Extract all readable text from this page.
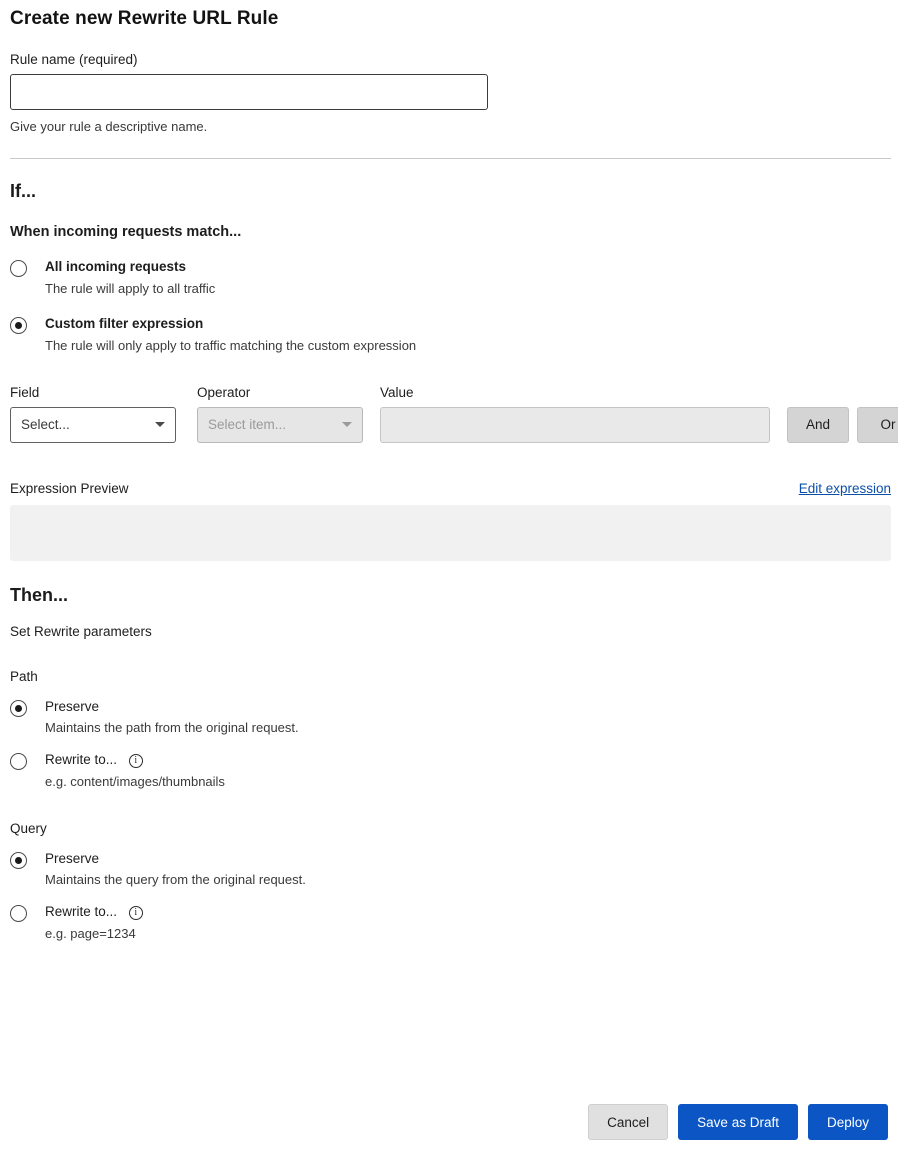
Create new Rewrite URL Rule
Rule name (required)
Give your rule a descriptive name.
If...
When incoming requests match...
All incoming requests
The rule will apply to all traffic
Custom filter expression
The rule will only apply to traffic matching the custom expression
Field
Select...
Operator
Select item...
Value
And	Or
Expression Preview	Edit expression
Then...
Set Rewrite parameters
Path
Preserve
Maintains the path from the original request.
Rewrite to... i
e.g. content/images/thumbnails
Query
Preserve
Maintains the query from the original request.
Rewrite to... i
e.g. page=1234
Cancel	Save as Draft	Deploy
